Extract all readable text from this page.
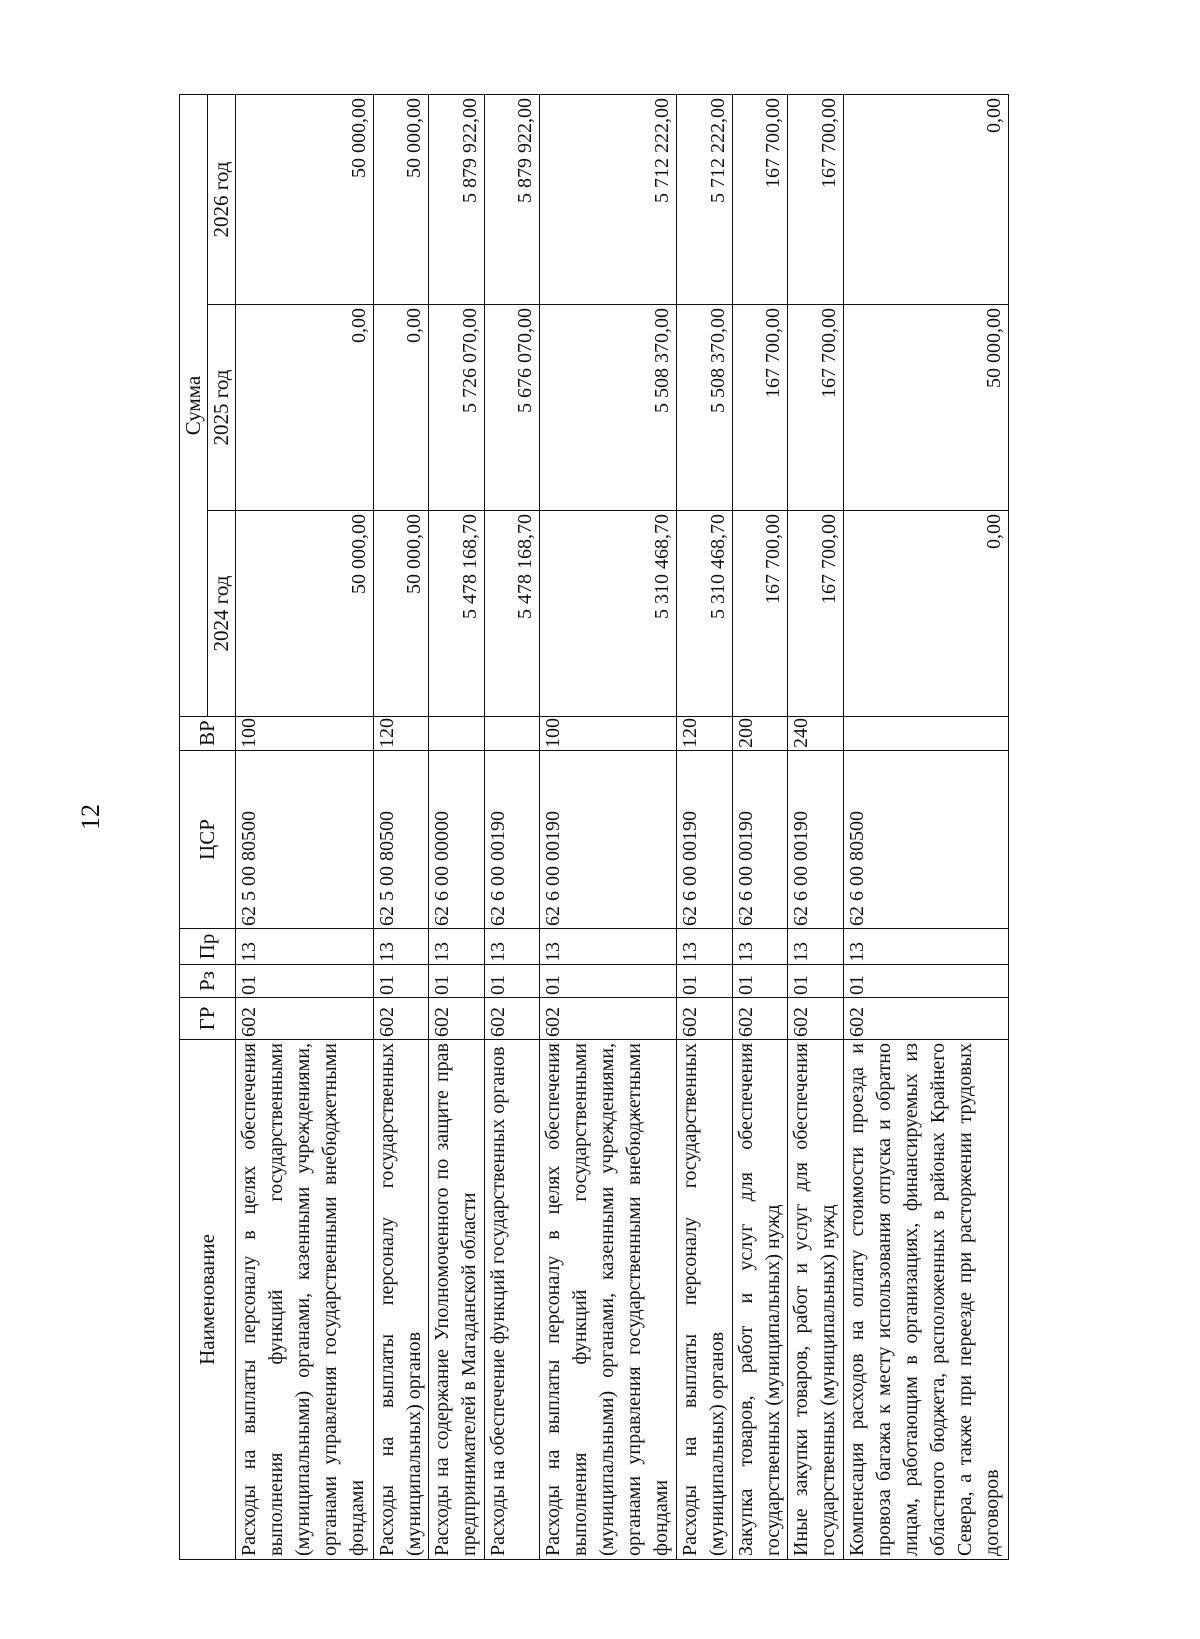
12
Наименование	ГР	Рз	Пр	ЦСР	ВР	Сумма		
						2024 год	2025 год	2026 год
Расходы на выплаты персоналу в целях обеспечения выполнения функций государственными (муниципальными) органами, казенными учреждениями, органами управления государственными внебюджетными фондами	602	01	13	62 5 00 80500	100	50 000,00	0,00	50 000,00
Расходы на выплаты персоналу государственных (муниципальных) органов	602	01	13	62 5 00 80500	120	50 000,00	0,00	50 000,00
Расходы на содержание Уполномоченного по защите прав предпринимателей в Магаданской области	602	01	13	62 6 00 00000		5 478 168,70	5 726 070,00	5 879 922,00
Расходы на обеспечение функций государственных органов	602	01	13	62 6 00 00190		5 478 168,70	5 676 070,00	5 879 922,00
Расходы на выплаты персоналу в целях обеспечения выполнения функций государственными (муниципальными) органами, казенными учреждениями, органами управления государственными внебюджетными фондами	602	01	13	62 6 00 00190	100	5 310 468,70	5 508 370,00	5 712 222,00
Расходы на выплаты персоналу государственных (муниципальных) органов	602	01	13	62 6 00 00190	120	5 310 468,70	5 508 370,00	5 712 222,00
Закупка товаров, работ и услуг для обеспечения государственных (муниципальных) нужд	602	01	13	62 6 00 00190	200	167 700,00	167 700,00	167 700,00
Иные закупки товаров, работ и услуг для обеспечения государственных (муниципальных) нужд	602	01	13	62 6 00 00190	240	167 700,00	167 700,00	167 700,00
Компенсация расходов на оплату стоимости проезда и провоза багажа к месту использования отпуска и обратно лицам, работающим в организациях, финансируемых из областного бюджета, расположенных в районах Крайнего Севера, а также при переезде при расторжении трудовых договоров	602	01	13	62 6 00 80500		0,00	50 000,00	0,00
